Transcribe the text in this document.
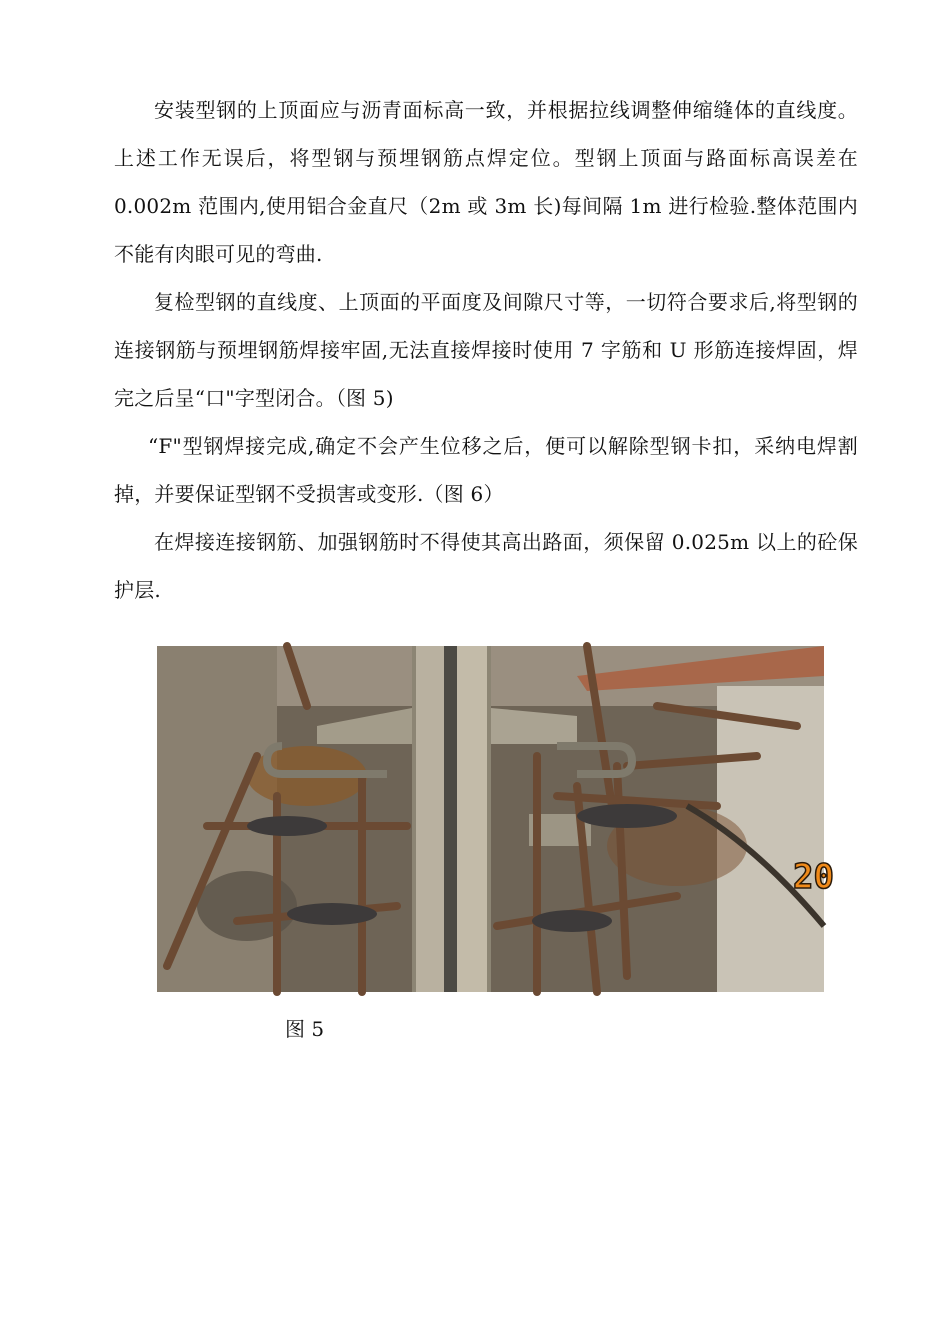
安装型钢的上顶面应与沥青面标高一致，并根据拉线调整伸缩缝体的直线度。上述工作无误后，将型钢与预埋钢筋点焊定位。型钢上顶面与路面标高误差在 0.002m 范围内,使用铝合金直尺（2m 或 3m 长)每间隔 1m 进行检验.整体范围内不能有肉眼可见的弯曲.

复检型钢的直线度、上顶面的平面度及间隙尺寸等，一切符合要求后,将型钢的连接钢筋与预埋钢筋焊接牢固,无法直接焊接时使用 7 字筋和 U 形筋连接焊固，焊完之后呈“口"字型闭合。（图 5)

“F"型钢焊接完成,确定不会产生位移之后，便可以解除型钢卡扣，采纳电焊割掉，并要保证型钢不受损害或变形.（图 6）

在焊接连接钢筋、加强钢筋时不得使其高出路面，须保留 0.025m 以上的砼保护层.

20
图 5
